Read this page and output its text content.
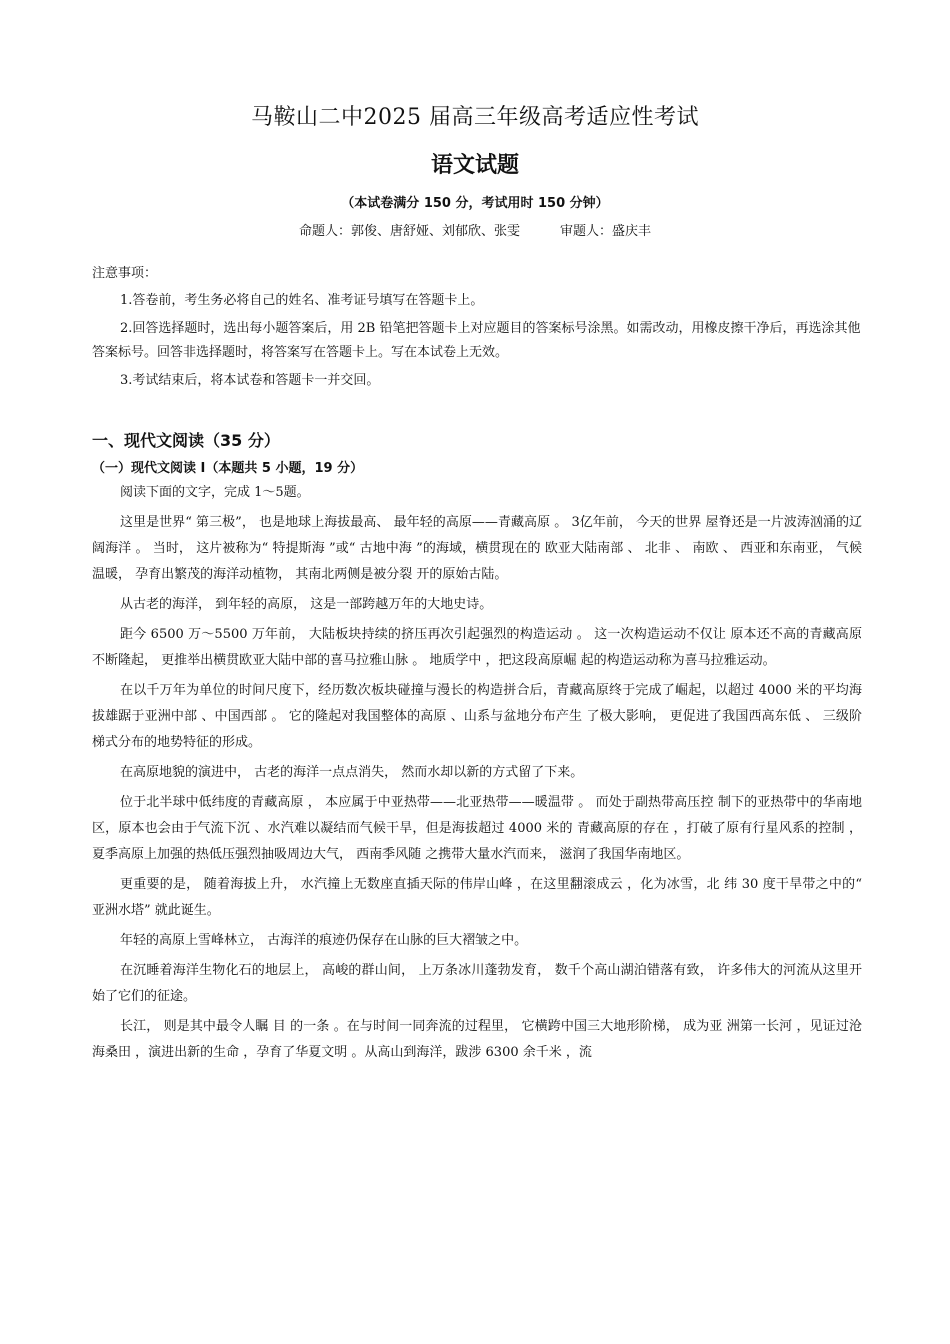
马鞍山二中2025 届高三年级高考适应性考试
语文试题
（本试卷满分 150 分，考试用时 150 分钟）
命题人：郭俊、唐舒娅、刘郁欣、张雯	审题人：盛庆丰
注意事项：
1.答卷前，考生务必将自己的姓名、准考证号填写在答题卡上。
2.回答选择题时，选出每小题答案后，用 2B 铅笔把答题卡上对应题目的答案标号涂黑。如需改动，用橡皮擦干净后，再选涂其他答案标号。回答非选择题时，将答案写在答题卡上。写在本试卷上无效。
3.考试结束后，将本试卷和答题卡一并交回。
一、现代文阅读（35 分）
（一）现代文阅读 Ⅰ（本题共 5 小题，19 分）

阅读下面的文字，完成 1～5题。

这里是世界“ 第三极”， 也是地球上海拔最高、 最年轻的高原——青藏高原 。 3亿年前， 今天的世界 屋脊还是一片波涛汹涌的辽阔海洋 。 当时， 这片被称为“ 特提斯海 ”或“ 古地中海 ”的海域，横贯现在的 欧亚大陆南部 、 北非 、 南欧 、 西亚和东南亚， 气候温暖， 孕育出繁茂的海洋动植物， 其南北两侧是被分裂 开的原始古陆。

从古老的海洋， 到年轻的高原， 这是一部跨越万年的大地史诗。

距今 6500 万～5500 万年前， 大陆板块持续的挤压再次引起强烈的构造运动 。 这一次构造运动不仅让 原本还不高的青藏高原不断隆起， 更推举出横贯欧亚大陆中部的喜马拉雅山脉 。 地质学中 ，把这段高原崛 起的构造运动称为喜马拉雅运动。

在以千万年为单位的时间尺度下，经历数次板块碰撞与漫长的构造拼合后，青藏高原终于完成了崛起，以超过 4000 米的平均海拔雄踞于亚洲中部 、中国西部 。 它的隆起对我国整体的高原 、山系与盆地分布产生 了极大影响， 更促进了我国西高东低 、 三级阶梯式分布的地势特征的形成。

在高原地貌的演进中， 古老的海洋一点点消失， 然而水却以新的方式留了下来。

位于北半球中低纬度的青藏高原 ， 本应属于中亚热带——北亚热带——暖温带 。 而处于副热带高压控 制下的亚热带中的华南地区，原本也会由于气流下沉 、水汽难以凝结而气候干旱，但是海拔超过 4000 米的 青藏高原的存在 ，打破了原有行星风系的控制 ，夏季高原上加强的热低压强烈抽吸周边大气， 西南季风随 之携带大量水汽而来， 滋润了我国华南地区。

更重要的是， 随着海拔上升， 水汽撞上无数座直插天际的伟岸山峰 ，在这里翻滚成云 ，化为冰雪，北 纬 30 度干旱带之中的“ 亚洲水塔” 就此诞生。

年轻的高原上雪峰林立， 古海洋的痕迹仍保存在山脉的巨大褶皱之中。

在沉睡着海洋生物化石的地层上， 高峻的群山间， 上万条冰川蓬勃发育， 数千个高山湖泊错落有致， 许多伟大的河流从这里开始了它们的征途。

长江， 则是其中最令人瞩 目 的一条 。在与时间一同奔流的过程里， 它横跨中国三大地形阶梯， 成为亚 洲第一长河 ，见证过沧海桑田 ，演进出新的生命 ，孕育了华夏文明 。从高山到海洋，跋涉 6300 余千米 ，流
